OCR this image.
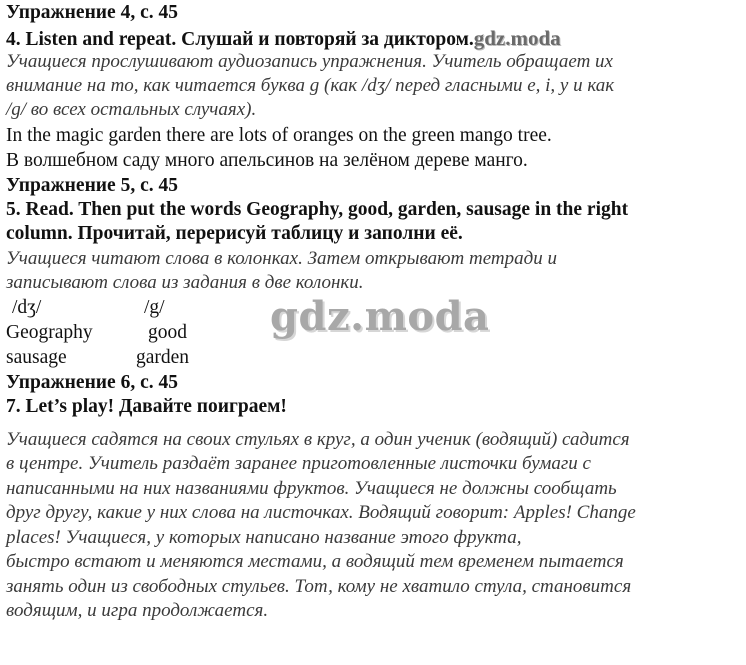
Упражнение 4, с. 45
4. Listen and repeat. Слушай и повторяй за диктором.gdz.moda
Учащиеся прослушивают аудиозапись упражнения. Учитель обращает их
внимание на то, как читается буква g (как /dʒ/ перед гласными e, i, y и как
/g/ во всех остальных случаях).
In the magic garden there are lots of oranges on the green mango tree.
В волшебном саду много апельсинов на зелёном дереве манго.
Упражнение 5, с. 45
5. Read. Then put the words Geography, good, garden, sausage in the right
column. Прочитай, перерисуй таблицу и заполни её.
Учащиеся читают слова в колонках. Затем открывают тетради и
записывают слова из задания в две колонки.
/dʒ/	/g/
Geography	good
sausage	garden
Упражнение 6, с. 45
7. Let’s play! Давайте поиграем!
Учащиеся садятся на своих стульях в круг, а один ученик (водящий) садится
в центре. Учитель раздаёт заранее приготовленные листочки бумаги с
написанными на них названиями фруктов. Учащиеся не должны сообщать
друг другу, какие у них слова на листочках. Водящий говорит: Apples! Change
places! Учащиеся, у которых написано название этого фрукта,
быстро встают и меняются местами, а водящий тем временем пытается
занять один из свободных стульев. Тот, кому не хватило стула, становится
водящим, и игра продолжается.
gdz.moda
